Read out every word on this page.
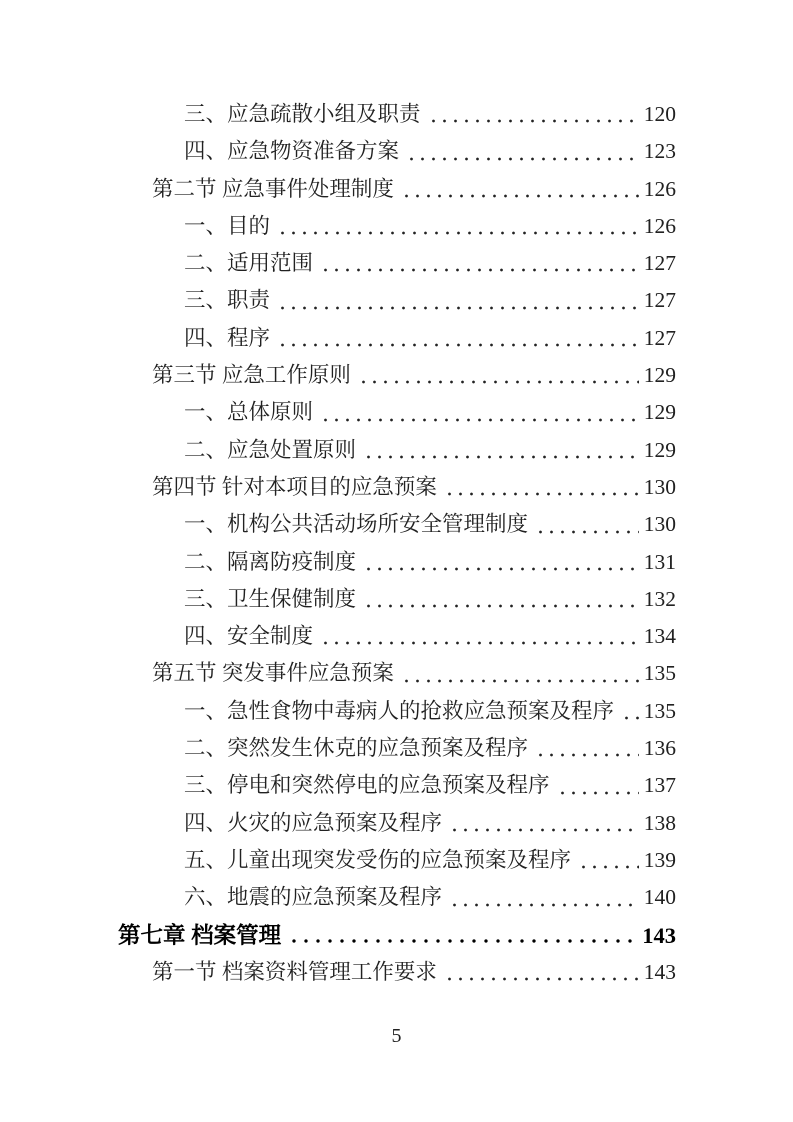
三、应急疏散小组及职责	120
四、应急物资准备方案	123
第二节 应急事件处理制度	126
一、目的	126
二、适用范围	127
三、职责	127
四、程序	127
第三节 应急工作原则	129
一、总体原则	129
二、应急处置原则	129
第四节 针对本项目的应急预案	130
一、机构公共活动场所安全管理制度	130
二、隔离防疫制度	131
三、卫生保健制度	132
四、安全制度	134
第五节 突发事件应急预案	135
一、急性食物中毒病人的抢救应急预案及程序 135
二、突然发生休克的应急预案及程序	136
三、停电和突然停电的应急预案及程序	137
四、火灾的应急预案及程序	138
五、儿童出现突发受伤的应急预案及程序	139
六、地震的应急预案及程序	140
第七章 档案管理	143
第一节 档案资料管理工作要求	143
5
